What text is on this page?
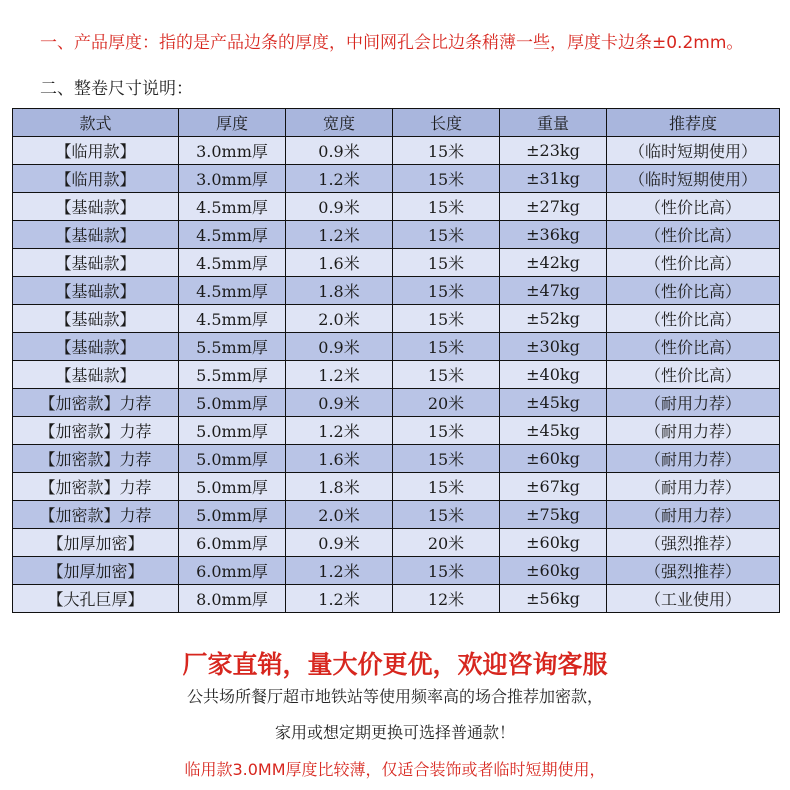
一、产品厚度：指的是产品边条的厚度，中间网孔会比边条稍薄一些，厚度卡边条±0.2mm。
二、整卷尺寸说明：
款式	厚度	宽度	长度	重量	推荐度
【临用款】	3.0mm厚	0.9米	15米	±23kg	（临时短期使用）
【临用款】	3.0mm厚	1.2米	15米	±31kg	（临时短期使用）
【基础款】	4.5mm厚	0.9米	15米	±27kg	（性价比高）
【基础款】	4.5mm厚	1.2米	15米	±36kg	（性价比高）
【基础款】	4.5mm厚	1.6米	15米	±42kg	（性价比高）
【基础款】	4.5mm厚	1.8米	15米	±47kg	（性价比高）
【基础款】	4.5mm厚	2.0米	15米	±52kg	（性价比高）
【基础款】	5.5mm厚	0.9米	15米	±30kg	（性价比高）
【基础款】	5.5mm厚	1.2米	15米	±40kg	（性价比高）
【加密款】力荐	5.0mm厚	0.9米	20米	±45kg	（耐用力荐）
【加密款】力荐	5.0mm厚	1.2米	15米	±45kg	（耐用力荐）
【加密款】力荐	5.0mm厚	1.6米	15米	±60kg	（耐用力荐）
【加密款】力荐	5.0mm厚	1.8米	15米	±67kg	（耐用力荐）
【加密款】力荐	5.0mm厚	2.0米	15米	±75kg	（耐用力荐）
【加厚加密】	6.0mm厚	0.9米	20米	±60kg	（强烈推荐）
【加厚加密】	6.0mm厚	1.2米	15米	±60kg	（强烈推荐）
【大孔巨厚】	8.0mm厚	1.2米	12米	±56kg	（工业使用）
厂家直销，量大价更优，欢迎咨询客服
公共场所餐厅超市地铁站等使用频率高的场合推荐加密款，
家用或想定期更换可选择普通款！
临用款3.0MM厚度比较薄，仅适合装饰或者临时短期使用，
